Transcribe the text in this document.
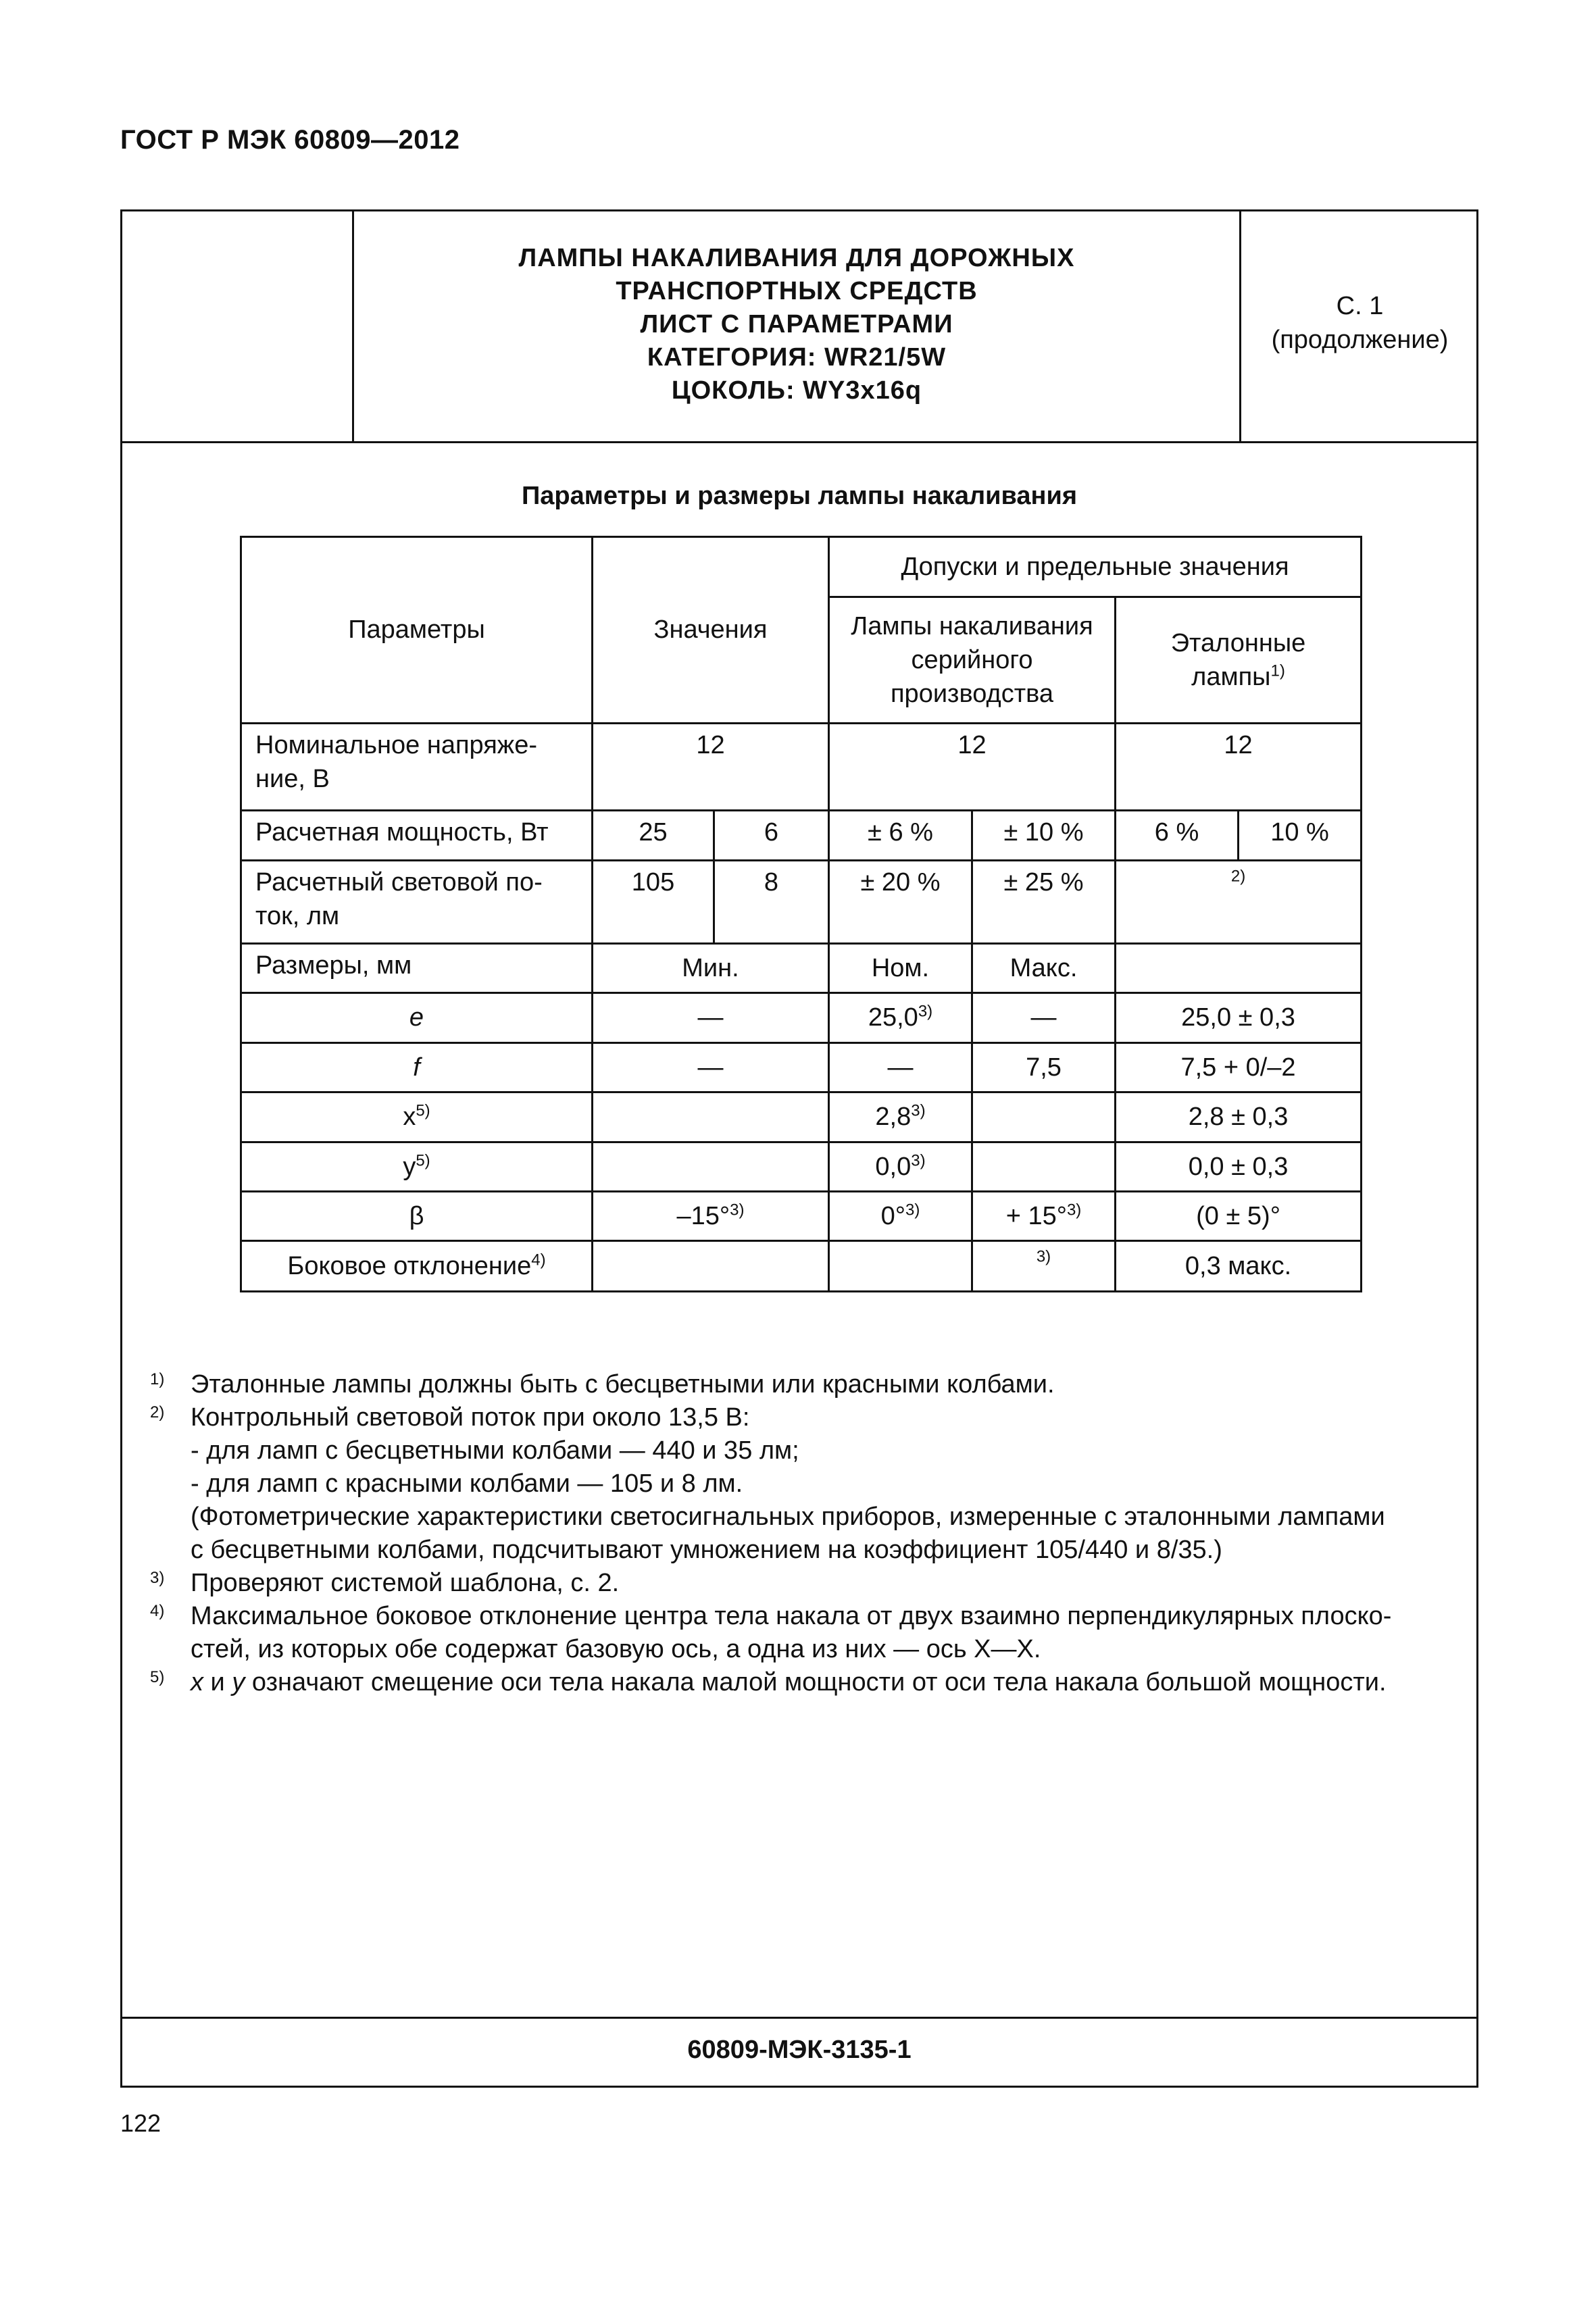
ГОСТ Р МЭК 60809—2012
ЛАМПЫ НАКАЛИВАНИЯ ДЛЯ ДОРОЖНЫХ
ТРАНСПОРТНЫХ СРЕДСТВ
ЛИСТ С ПАРАМЕТРАМИ
КАТЕГОРИЯ: WR21/5W
ЦОКОЛЬ: WY3x16q
С. 1
(продолжение)
Параметры и размеры лампы накаливания
60809-МЭК-3135-1
Параметры	Значения		Допуски и предельные значения			
			Лампы накаливания серийного производства		Эталонные лампы$^{1)}$
Номинальное напряже-ние, В	12		12		12	
Расчетная мощность, Вт	25	6	± 6 %	± 10 %	6 %	10 %
Расчетный световой по-ток, лм	105	8	± 20 %	± 25 %	$^{2)}$
Размеры, мм	Мин.		Ном.	Макс.		
e	—		25,0$^{3)}$	—	25,0 ± 0,3	
f	—		—	7,5	7,5 + 0/–2	
$x^{5)}$			2,8$^{3)}$		2,8 ± 0,3	
$y^{5)}$			0,0$^{3)}$		0,0 ± 0,3	
β	–15°$^{3)}$		0°$^{3)}$	+ 15°$^{3)}$	(0 ± 5)°	
Боковое отклонение$^{4)}$				$^{3)}$	0,3 макс.	
1) Эталонные лампы должны быть с бесцветными или красными колбами.
2) Контрольный световой поток при около 13,5 В:
- для ламп с бесцветными колбами — 440 и 35 лм;
- для ламп с красными колбами — 105 и 8 лм.
(Фотометрические характеристики светосигнальных приборов, измеренные с эталонными лампами
с бесцветными колбами, подсчитывают умножением на коэффициент 105/440 и 8/35.)
3) Проверяют системой шаблона, с. 2.
4) Максимальное боковое отклонение центра тела накала от двух взаимно перпендикулярных плоско-
стей, из которых обе содержат базовую ось, а одна из них — ось X—X.
5) x и y означают смещение оси тела накала малой мощности от оси тела накала большой мощности.
122
